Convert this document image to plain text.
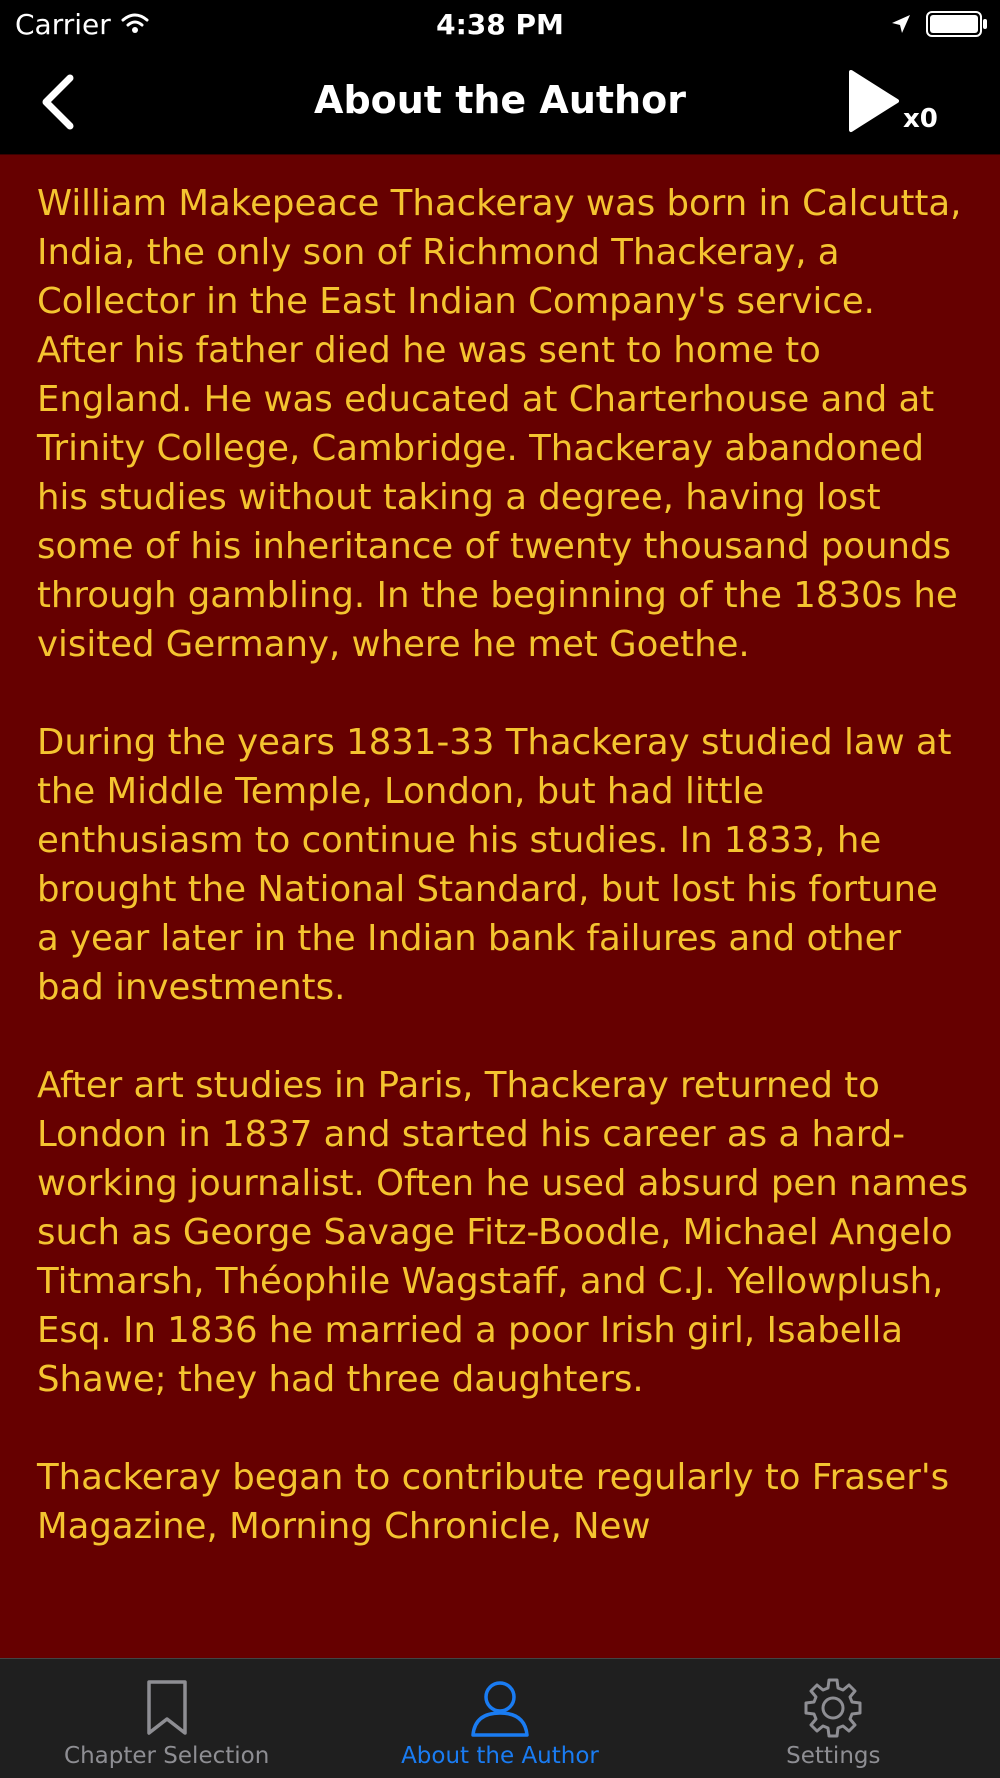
Carrier	4:38 PM
About the Author	x0

William Makepeace Thackeray was born in Calcutta, India, the only son of Richmond Thackeray, a Collector in the East Indian Company's service. After his father died he was sent to home to England. He was educated at Charterhouse and at Trinity College, Cambridge. Thackeray abandoned his studies without taking a degree, having lost some of his inheritance of twenty thousand pounds through gambling. In the beginning of the 1830s he visited Germany, where he met Goethe.

During the years 1831-33 Thackeray studied law at the Middle Temple, London, but had little enthusiasm to continue his studies. In 1833, he brought the National Standard, but lost his fortune a year later in the Indian bank failures and other bad investments.

After art studies in Paris, Thackeray returned to London in 1837 and started his career as a hard-working journalist. Often he used absurd pen names such as George Savage Fitz-Boodle, Michael Angelo Titmarsh, Théophile Wagstaff, and C.J. Yellowplush, Esq. In 1836 he married a poor Irish girl, Isabella Shawe; they had three daughters.

Thackeray began to contribute regularly to Fraser's Magazine, Morning Chronicle, New

Chapter Selection	About the Author	Settings
